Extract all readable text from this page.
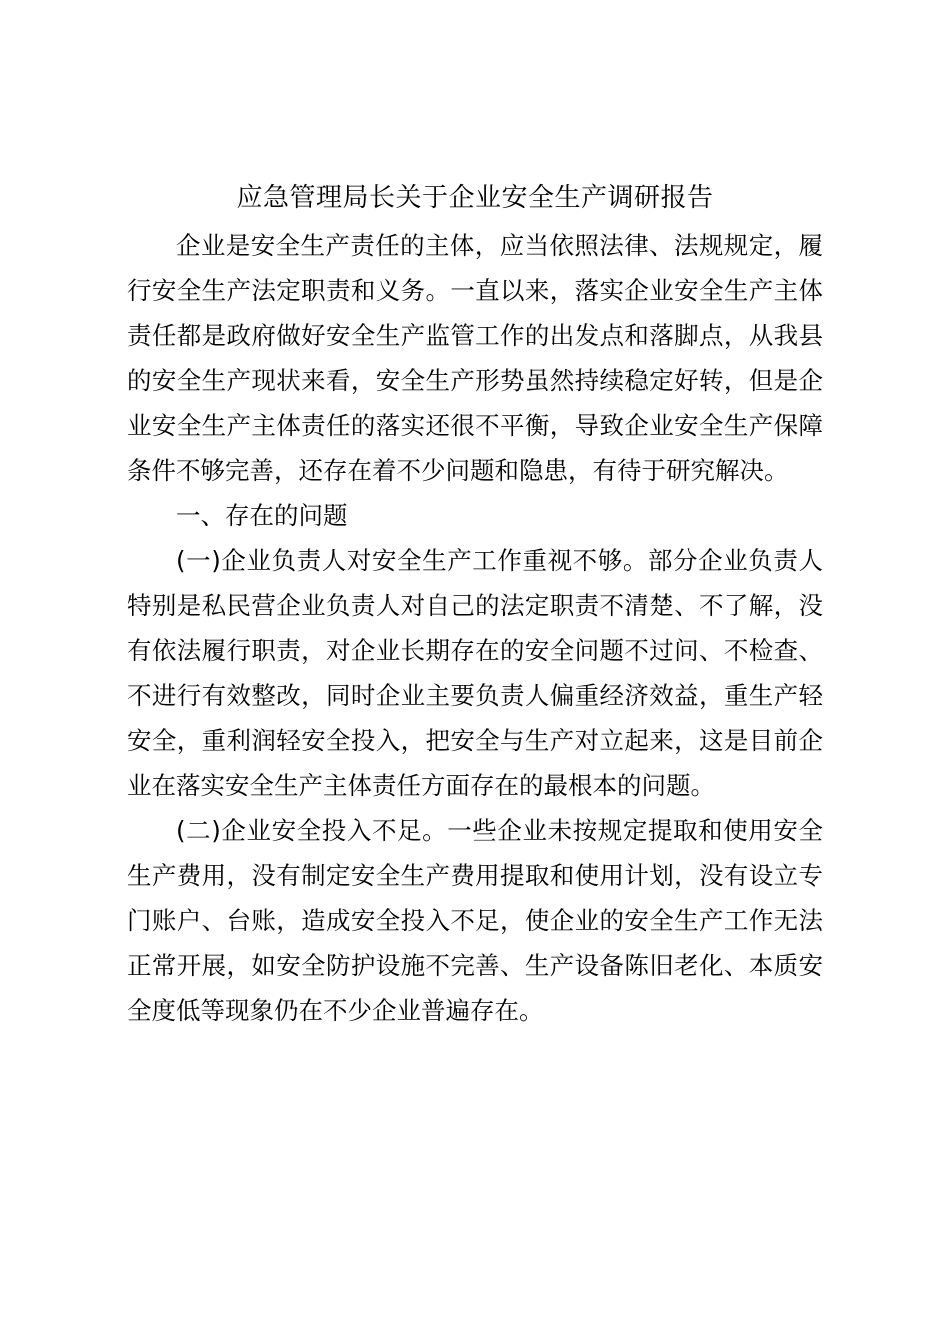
应急管理局长关于企业安全生产调研报告

企业是安全生产责任的主体，应当依照法律、法规规定，履行安全生产法定职责和义务。一直以来，落实企业安全生产主体责任都是政府做好安全生产监管工作的出发点和落脚点，从我县的安全生产现状来看，安全生产形势虽然持续稳定好转，但是企业安全生产主体责任的落实还很不平衡，导致企业安全生产保障条件不够完善，还存在着不少问题和隐患，有待于研究解决。

一、存在的问题

(一)企业负责人对安全生产工作重视不够。部分企业负责人特别是私民营企业负责人对自己的法定职责不清楚、不了解，没有依法履行职责，对企业长期存在的安全问题不过问、不检查、不进行有效整改，同时企业主要负责人偏重经济效益，重生产轻安全，重利润轻安全投入，把安全与生产对立起来，这是目前企业在落实安全生产主体责任方面存在的最根本的问题。

(二)企业安全投入不足。一些企业未按规定提取和使用安全生产费用，没有制定安全生产费用提取和使用计划，没有设立专门账户、台账，造成安全投入不足，使企业的安全生产工作无法正常开展，如安全防护设施不完善、生产设备陈旧老化、本质安全度低等现象仍在不少企业普遍存在。
